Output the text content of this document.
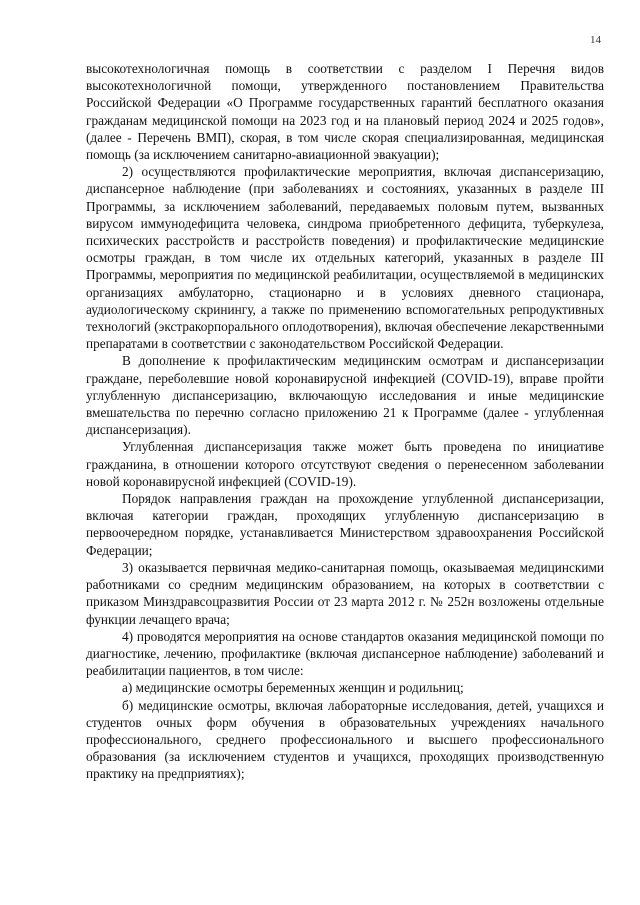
14

высокотехнологичная помощь в соответствии с разделом I Перечня видов высокотехнологичной помощи, утвержденного постановлением Правительства Российской Федерации «О Программе государственных гарантий бесплатного оказания гражданам медицинской помощи на 2023 год и на плановый период 2024 и 2025 годов», (далее - Перечень ВМП), скорая, в том числе скорая специализированная, медицинская помощь (за исключением санитарно-авиационной эвакуации);

2) осуществляются профилактические мероприятия, включая диспансеризацию, диспансерное наблюдение (при заболеваниях и состояниях, указанных в разделе III Программы, за исключением заболеваний, передаваемых половым путем, вызванных вирусом иммунодефицита человека, синдрома приобретенного дефицита, туберкулеза, психических расстройств и расстройств поведения) и профилактические медицинские осмотры граждан, в том числе их отдельных категорий, указанных в разделе III Программы, мероприятия по медицинской реабилитации, осуществляемой в медицинских организациях амбулаторно, стационарно и в условиях дневного стационара, аудиологическому скринингу, а также по применению вспомогательных репродуктивных технологий (экстракорпорального оплодотворения), включая обеспечение лекарственными препаратами в соответствии с законодательством Российской Федерации.

В дополнение к профилактическим медицинским осмотрам и диспансеризации граждане, переболевшие новой коронавирусной инфекцией (COVID-19), вправе пройти углубленную диспансеризацию, включающую исследования и иные медицинские вмешательства по перечню согласно приложению 21 к Программе (далее - углубленная диспансеризация).

Углубленная диспансеризация также может быть проведена по инициативе гражданина, в отношении которого отсутствуют сведения о перенесенном заболевании новой коронавирусной инфекцией (COVID-19).

Порядок направления граждан на прохождение углубленной диспансеризации, включая категории граждан, проходящих углубленную диспансеризацию в первоочередном порядке, устанавливается Министерством здравоохранения Российской Федерации;

3) оказывается первичная медико-санитарная помощь, оказываемая медицинскими работниками со средним медицинским образованием, на которых в соответствии с приказом Минздравсоцразвития России от 23 марта 2012 г. № 252н возложены отдельные функции лечащего врача;

4) проводятся мероприятия на основе стандартов оказания медицинской помощи по диагностике, лечению, профилактике (включая диспансерное наблюдение) заболеваний и реабилитации пациентов, в том числе:

а) медицинские осмотры беременных женщин и родильниц;

б) медицинские осмотры, включая лабораторные исследования, детей, учащихся и студентов очных форм обучения в образовательных учреждениях начального профессионального, среднего профессионального и высшего профессионального образования (за исключением студентов и учащихся, проходящих производственную практику на предприятиях);
